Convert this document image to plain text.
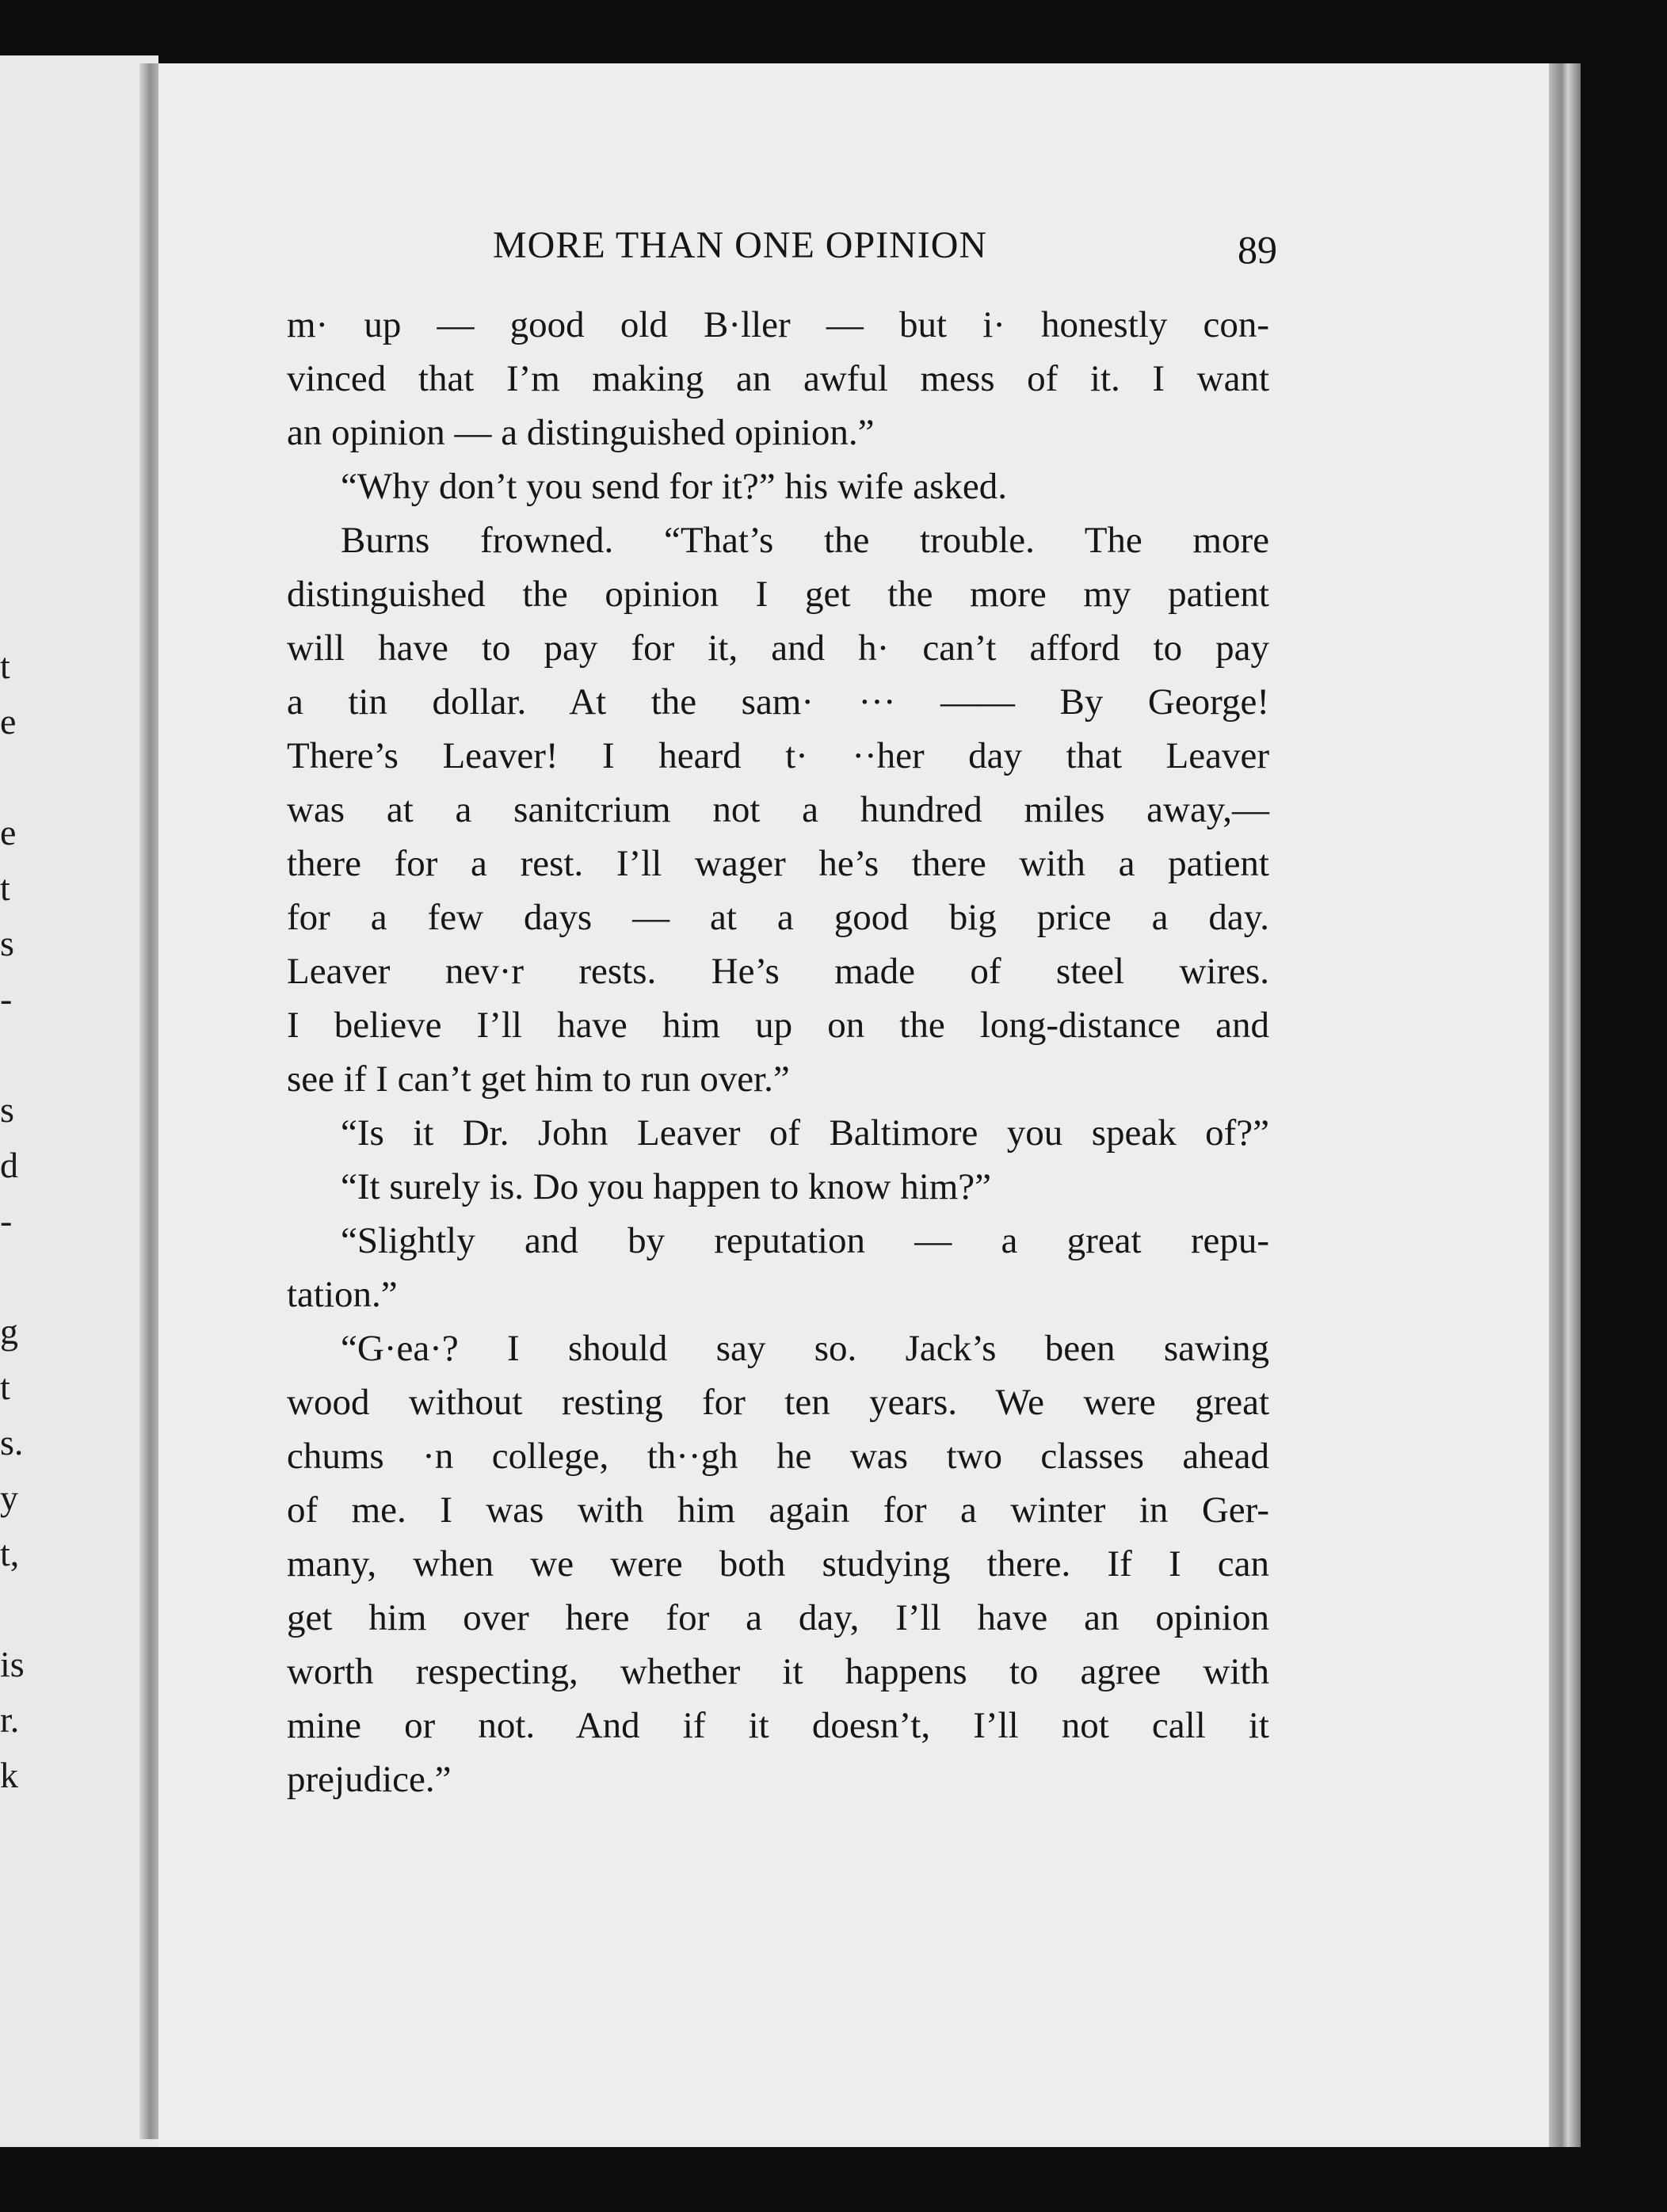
t
e
e
t
s
-
s
d
-
g
t
s.
y
t,
is
r.
k
MORE THAN ONE OPINION	89
m· up — good old B·ller — but i· honestly con-
vinced that I’m making an awful mess of it. I want
an opinion — a distinguished opinion.”
“Why don’t you send for it?” his wife asked.
Burns frowned. “That’s the trouble. The more
distinguished the opinion I get the more my patient
will have to pay for it, and h· can’t afford to pay
a tin dollar. At the sam· ··· —— By George!
There’s Leaver! I heard t· ··her day that Leaver
was at a sanitcrium not a hundred miles away,—
there for a rest. I’ll wager he’s there with a patient
for a few days — at a good big price a day.
Leaver nev·r rests. He’s made of steel wires.
I believe I’ll have him up on the long-distance and
see if I can’t get him to run over.”
“Is it Dr. John Leaver of Baltimore you speak of?”
“It surely is. Do you happen to know him?”
“Slightly and by reputation — a great repu-
tation.”
“G·ea·? I should say so. Jack’s been sawing
wood without resting for ten years. We were great
chums ·n college, th··gh he was two classes ahead
of me. I was with him again for a winter in Ger-
many, when we were both studying there. If I can
get him over here for a day, I’ll have an opinion
worth respecting, whether it happens to agree with
mine or not. And if it doesn’t, I’ll not call it
prejudice.”
